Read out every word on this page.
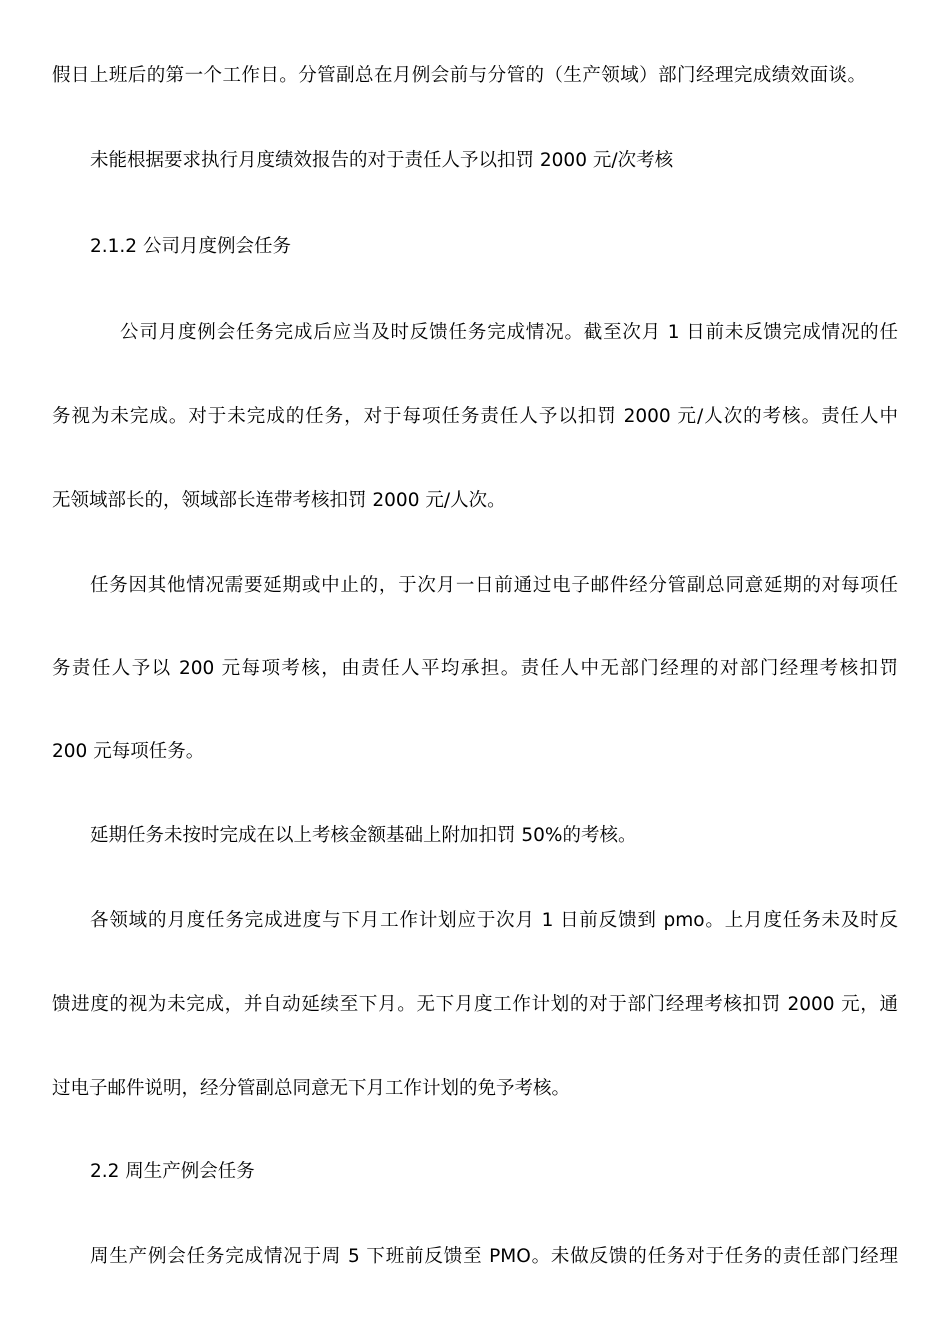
假日上班后的第一个工作日。分管副总在月例会前与分管的（生产领域）部门经理完成绩效面谈。
未能根据要求执行月度绩效报告的对于责任人予以扣罚 2000 元/次考核
2.1.2 公司月度例会任务
公司月度例会任务完成后应当及时反馈任务完成情况。截至次月 1 日前未反馈完成情况的任
务视为未完成。对于未完成的任务，对于每项任务责任人予以扣罚 2000 元/人次的考核。责任人中
无领域部长的，领域部长连带考核扣罚 2000 元/人次。
任务因其他情况需要延期或中止的，于次月一日前通过电子邮件经分管副总同意延期的对每项任
务责任人予以 200 元每项考核，由责任人平均承担。责任人中无部门经理的对部门经理考核扣罚
200 元每项任务。
延期任务未按时完成在以上考核金额基础上附加扣罚 50%的考核。
各领域的月度任务完成进度与下月工作计划应于次月 1 日前反馈到 pmo。上月度任务未及时反
馈进度的视为未完成，并自动延续至下月。无下月度工作计划的对于部门经理考核扣罚 2000 元，通
过电子邮件说明，经分管副总同意无下月工作计划的免予考核。
2.2 周生产例会任务
周生产例会任务完成情况于周 5 下班前反馈至 PMO。未做反馈的任务对于任务的责任部门经理
